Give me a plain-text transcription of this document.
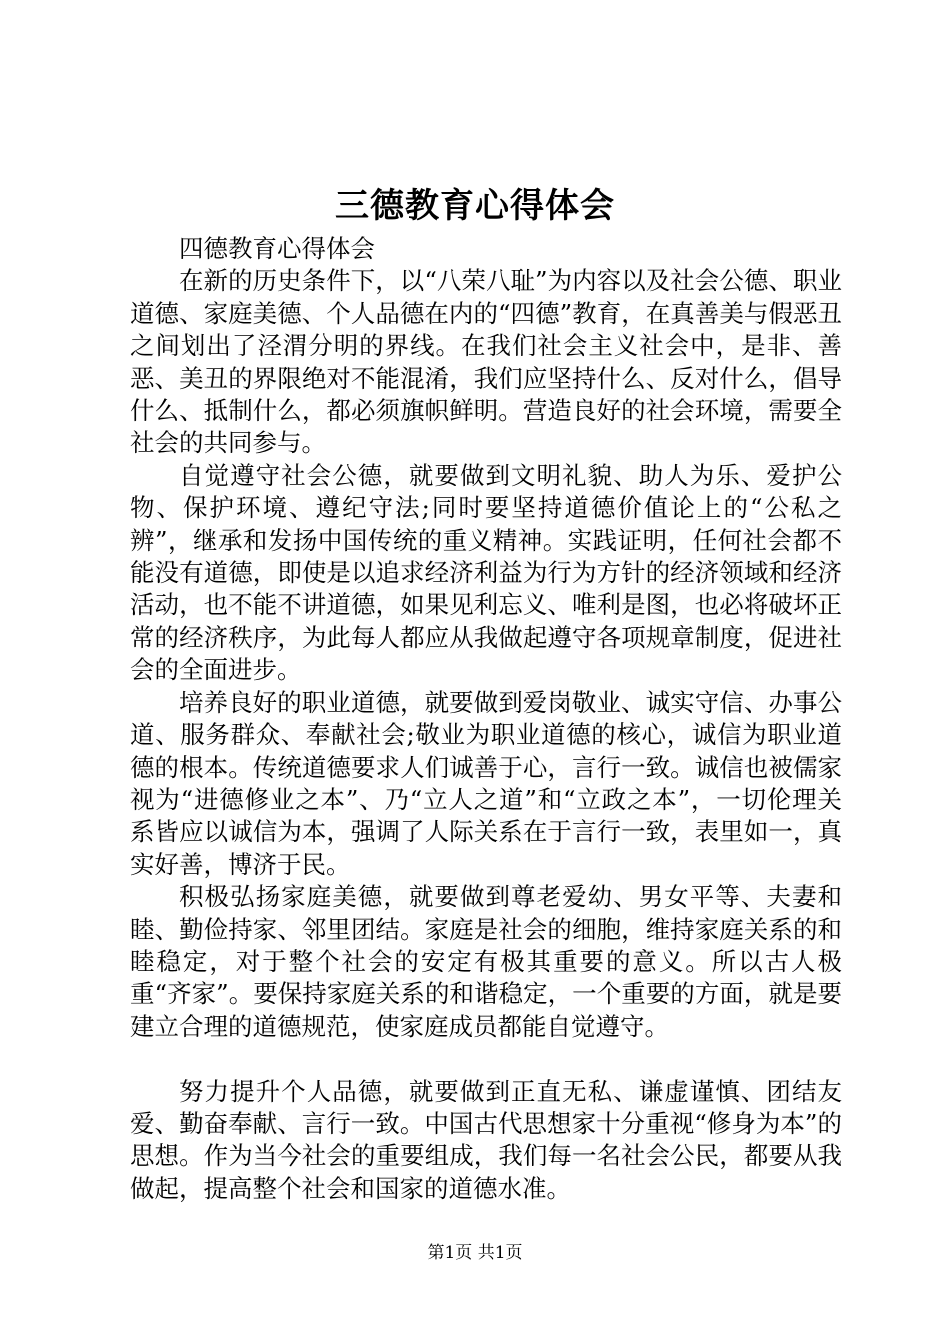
三德教育心得体会

四德教育心得体会

在新的历史条件下，以“八荣八耻”为内容以及社会公德、职业道德、家庭美德、个人品德在内的“四德”教育，在真善美与假恶丑之间划出了泾渭分明的界线。在我们社会主义社会中，是非、善恶、美丑的界限绝对不能混淆，我们应坚持什么、反对什么，倡导什么、抵制什么，都必须旗帜鲜明。营造良好的社会环境，需要全社会的共同参与。

自觉遵守社会公德，就要做到文明礼貌、助人为乐、爱护公物、保护环境、遵纪守法;同时要坚持道德价值论上的“公私之辨”，继承和发扬中国传统的重义精神。实践证明，任何社会都不能没有道德，即使是以追求经济利益为行为方针的经济领域和经济活动，也不能不讲道德，如果见利忘义、唯利是图，也必将破坏正常的经济秩序，为此每人都应从我做起遵守各项规章制度，促进社会的全面进步。

培养良好的职业道德，就要做到爱岗敬业、诚实守信、办事公道、服务群众、奉献社会;敬业为职业道德的核心，诚信为职业道德的根本。传统道德要求人们诚善于心，言行一致。诚信也被儒家视为“进德修业之本”、乃“立人之道”和“立政之本”，一切伦理关系皆应以诚信为本，强调了人际关系在于言行一致，表里如一，真实好善，博济于民。

积极弘扬家庭美德，就要做到尊老爱幼、男女平等、夫妻和睦、勤俭持家、邻里团结。家庭是社会的细胞，维持家庭关系的和睦稳定，对于整个社会的安定有极其重要的意义。所以古人极重“齐家”。要保持家庭关系的和谐稳定，一个重要的方面，就是要建立合理的道德规范，使家庭成员都能自觉遵守。

努力提升个人品德，就要做到正直无私、谦虚谨慎、团结友爱、勤奋奉献、言行一致。中国古代思想家十分重视“修身为本”的思想。作为当今社会的重要组成，我们每一名社会公民，都要从我做起，提高整个社会和国家的道德水准。

第1页 共1页
